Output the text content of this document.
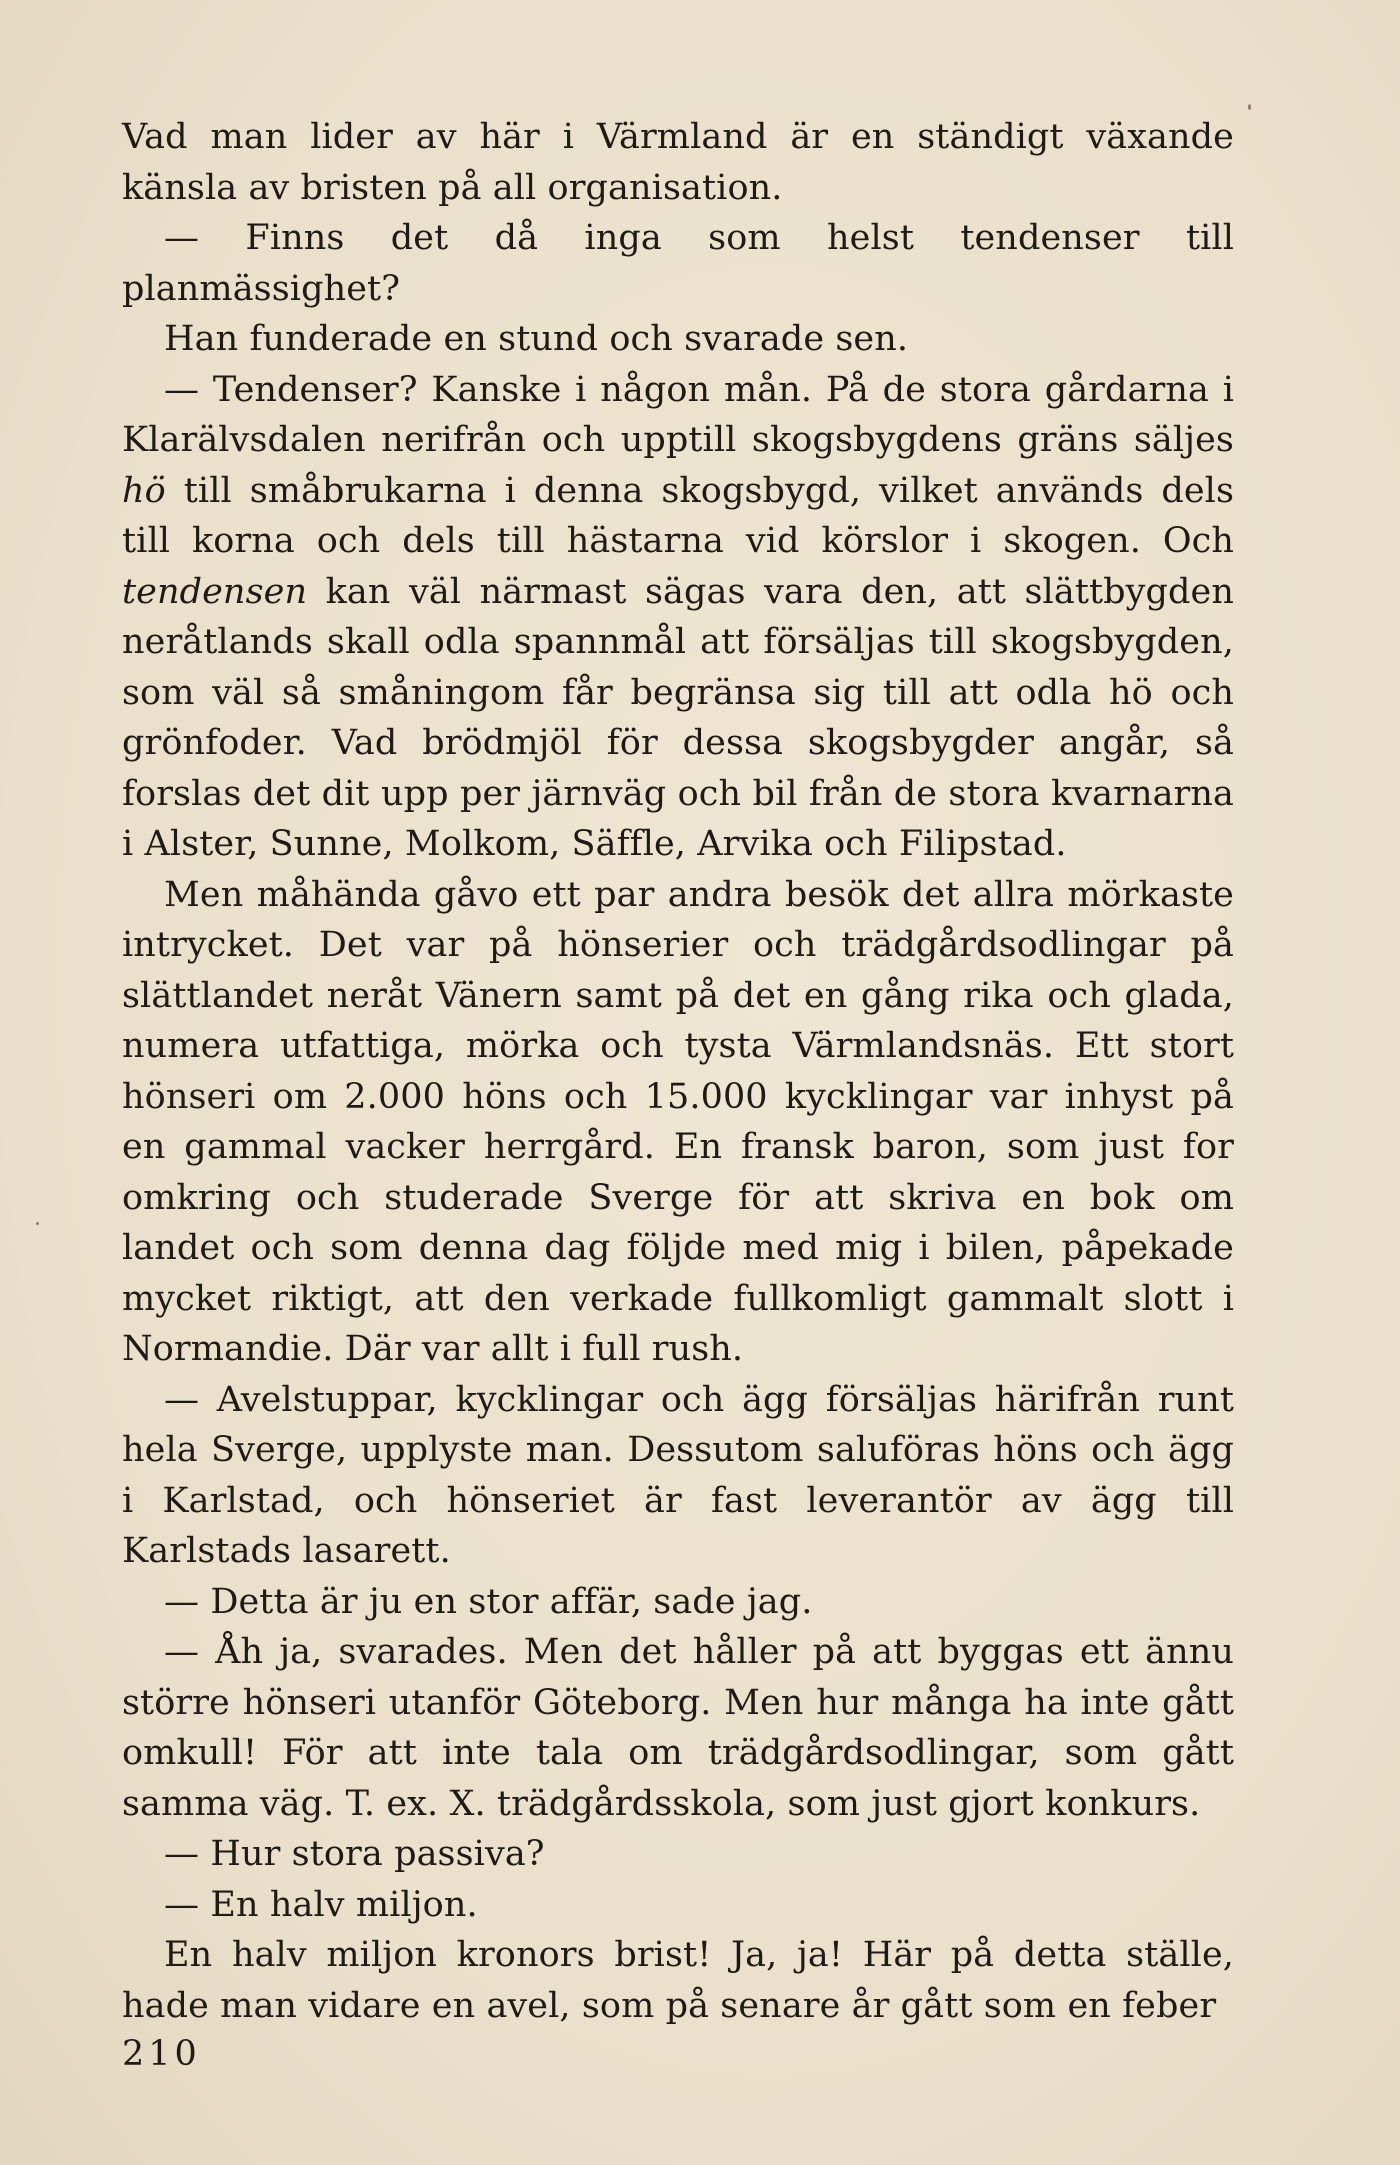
Vad man lider av här i Värmland är en ständigt växande känsla av bristen på all organisation.

— Finns det då inga som helst tendenser till planmässighet?

Han funderade en stund och svarade sen.

— Tendenser? Kanske i någon mån. På de stora gårdarna i Klarälvsdalen nerifrån och upptill skogsbygdens gräns säljes hö till småbrukarna i denna skogsbygd, vilket används dels till korna och dels till hästarna vid körslor i skogen. Och tendensen kan väl närmast sägas vara den, att slättbygden neråtlands skall odla spannmål att försäljas till skogsbygden, som väl så småningom får begränsa sig till att odla hö och grönfoder. Vad brödmjöl för dessa skogsbygder angår, så forslas det dit upp per järnväg och bil från de stora kvarnarna i Alster, Sunne, Molkom, Säffle, Arvika och Filipstad.

Men måhända gåvo ett par andra besök det allra mörkaste intrycket. Det var på hönserier och trädgårdsodlingar på slättlandet neråt Vänern samt på det en gång rika och glada, numera utfattiga, mörka och tysta Värmlandsnäs. Ett stort hönseri om 2.000 höns och 15.000 kycklingar var inhyst på en gammal vacker herrgård. En fransk baron, som just for omkring och studerade Sverge för att skriva en bok om landet och som denna dag följde med mig i bilen, påpekade mycket riktigt, att den verkade fullkomligt gammalt slott i Normandie. Där var allt i full rush.

— Avelstuppar, kycklingar och ägg försäljas härifrån runt hela Sverge, upplyste man. Dessutom saluföras höns och ägg i Karlstad, och hönseriet är fast leverantör av ägg till Karlstads lasarett.

— Detta är ju en stor affär, sade jag.

— Åh ja, svarades. Men det håller på att byggas ett ännu större hönseri utanför Göteborg. Men hur många ha inte gått omkull! För att inte tala om trädgårdsodlingar, som gått samma väg. T. ex. X. trädgårdsskola, som just gjort konkurs.

— Hur stora passiva?

— En halv miljon.

En halv miljon kronors brist! Ja, ja! Här på detta ställe, hade man vidare en avel, som på senare år gått som en feber

210
